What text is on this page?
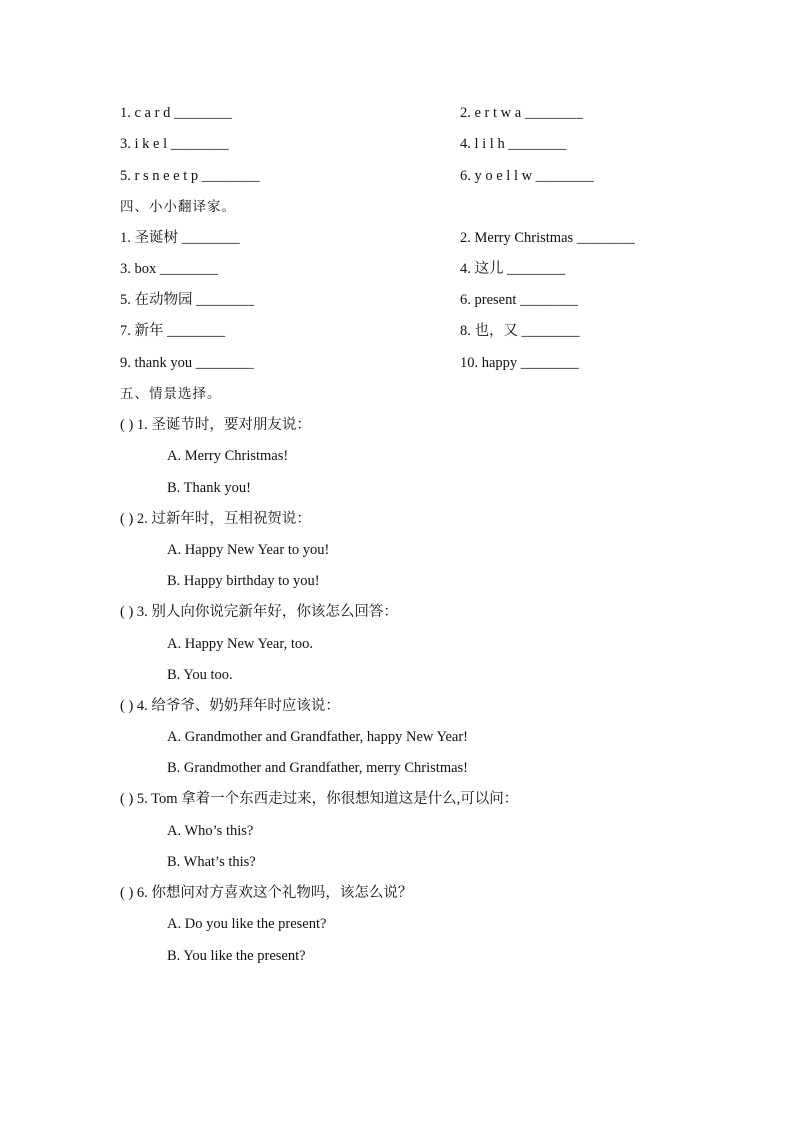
1. c a r d ________	2. e r t w a ________
3. i k e l ________	4. l i l h ________
5. r s n e e t p ________	6. y o e l l w ________
四、小小翻译家。
1. 圣诞树 ________	2. Merry Christmas ________
3. box ________	4. 这儿 ________
5. 在动物园 ________	6. present ________
7. 新年 ________	8. 也，又 ________
9. thank you ________	10. happy ________
五、情景选择。
( ) 1. 圣诞节时，要对朋友说：
A. Merry Christmas!
B. Thank you!
( ) 2. 过新年时，互相祝贺说：
A. Happy New Year to you!
B. Happy birthday to you!
( ) 3. 别人向你说完新年好，你该怎么回答：
A. Happy New Year, too.
B. You too.
( ) 4. 给爷爷、奶奶拜年时应该说：
A. Grandmother and Grandfather, happy New Year!
B. Grandmother and Grandfather, merry Christmas!
( ) 5. Tom 拿着一个东西走过来，你很想知道这是什么,可以问：
A. Who’s this?
B. What’s this?
( ) 6. 你想问对方喜欢这个礼物吗，该怎么说？
A. Do you like the present?
B. You like the present?
